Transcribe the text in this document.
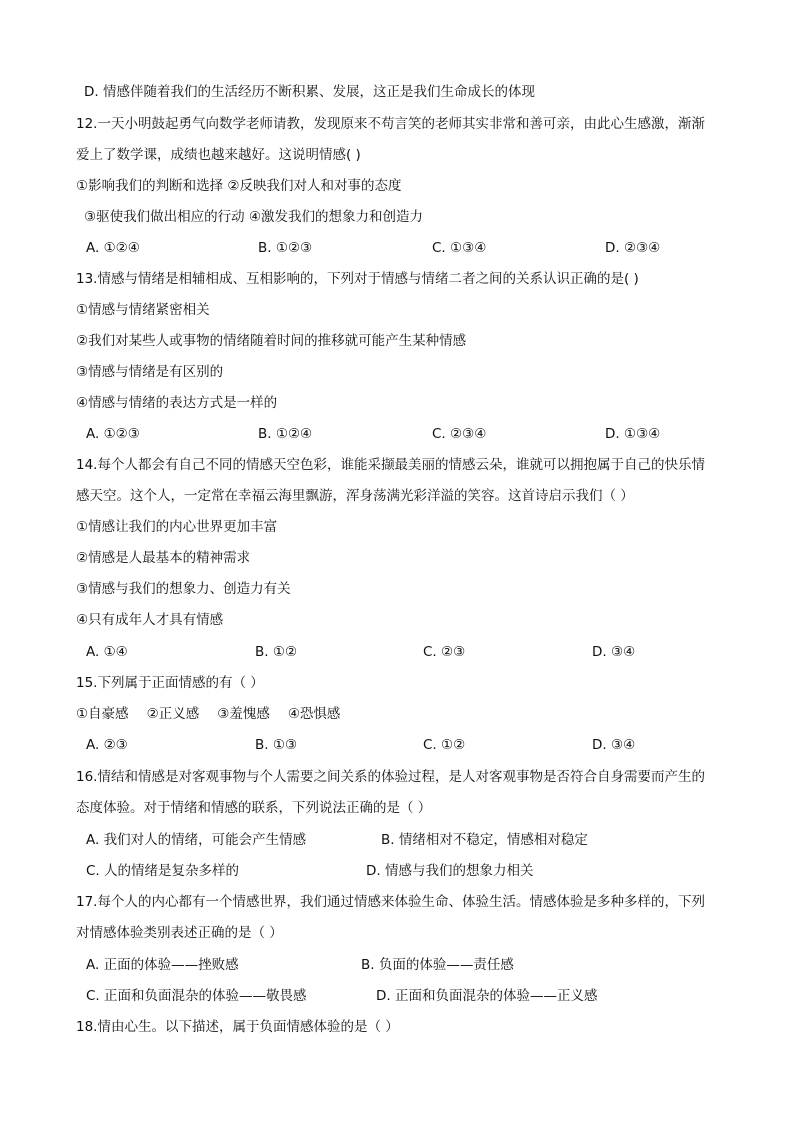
D. 情感伴随着我们的生活经历不断积累、发展，这正是我们生命成长的体现
12.一天小明鼓起勇气向数学老师请教，发现原来不苟言笑的老师其实非常和善可亲，由此心生感激，渐渐
爱上了数学课，成绩也越来越好。这说明情感( )
①影响我们的判断和选择 ②反映我们对人和对事的态度
③驱使我们做出相应的行动 ④激发我们的想象力和创造力
A. ①②④	B. ①②③	C. ①③④	D. ②③④
13.情感与情绪是相辅相成、互相影响的，下列对于情感与情绪二者之间的关系认识正确的是( )
①情感与情绪紧密相关
②我们对某些人或事物的情绪随着时间的推移就可能产生某种情感
③情感与情绪是有区别的
④情感与情绪的表达方式是一样的
A. ①②③	B. ①②④	C. ②③④	D. ①③④
14.每个人都会有自己不同的情感天空色彩，谁能采撷最美丽的情感云朵，谁就可以拥抱属于自己的快乐情
感天空。这个人，一定常在幸福云海里飘游，浑身荡满光彩洋溢的笑容。这首诗启示我们（ ）
①情感让我们的内心世界更加丰富
②情感是人最基本的精神需求
③情感与我们的想象力、创造力有关
④只有成年人才具有情感
A. ①④	B. ①②	C. ②③	D. ③④
15.下列属于正面情感的有（ ）
①自豪感 ②正义感 ③羞愧感 ④恐惧感
A. ②③	B. ①③	C. ①②	D. ③④
16.情结和情感是对客观事物与个人需要之间关系的体验过程，是人对客观事物是否符合自身需要而产生的
态度体验。对于情绪和情感的联系，下列说法正确的是（ ）
A. 我们对人的情绪，可能会产生情感	B. 情绪相对不稳定，情感相对稳定
C. 人的情绪是复杂多样的	D. 情感与我们的想象力相关
17.每个人的内心都有一个情感世界，我们通过情感来体验生命、体验生活。情感体验是多种多样的，下列
对情感体验类别表述正确的是（ ）
A. 正面的体验——挫败感	B. 负面的体验——责任感
C. 正面和负面混杂的体验——敬畏感	D. 正面和负面混杂的体验——正义感
18.情由心生。以下描述，属于负面情感体验的是（ ）
